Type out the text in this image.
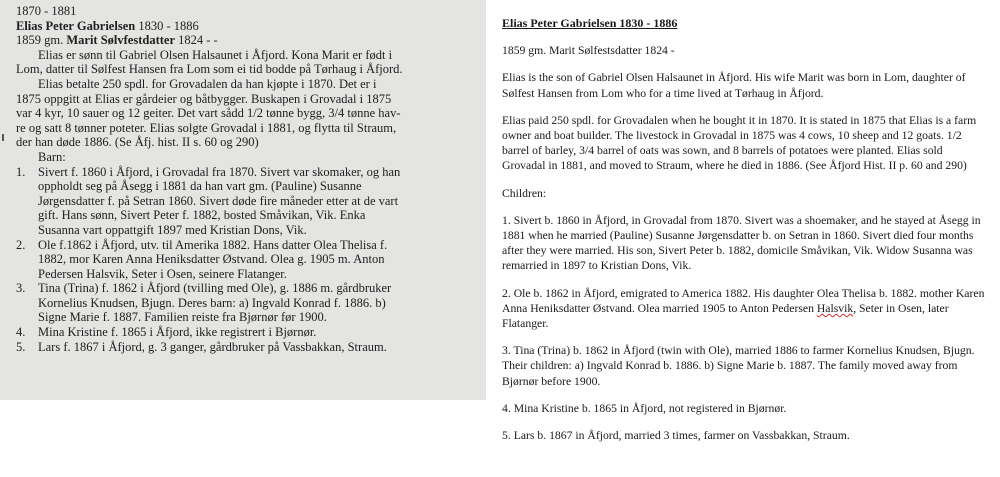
1870 - 1881
Elias Peter Gabrielsen 1830 - 1886
1859 gm. Marit Sølvfestdatter 1824 - -
Elias er sønn til Gabriel Olsen Halsaunet i Åfjord. Kona Marit er født i
Lom, datter til Sølfest Hansen fra Lom som ei tid bodde på Tørhaug i Åfjord.
Elias betalte 250 spdl. for Grovadalen da han kjøpte i 1870. Det er i
1875 oppgitt at Elias er gårdeier og båtbygger. Buskapen i Grovadal i 1875
var 4 kyr, 10 sauer og 12 geiter. Det vart sådd 1/2 tønne bygg, 3/4 tønne hav-
re og satt 8 tønner poteter. Elias solgte Grovadal i 1881, og flytta til Straum,
der han døde 1886. (Se Åfj. hist. II s. 60 og 290)
Barn:
1.	Sivert f. 1860 i Åfjord, i Grovadal fra 1870. Sivert var skomaker, og han
oppholdt seg på Åsegg i 1881 da han vart gm. (Pauline) Susanne
Jørgensdatter f. på Setran 1860. Sivert døde fire måneder etter at de vart
gift. Hans sønn, Sivert Peter f. 1882, bosted Småvikan, Vik. Enka
Susanna vart oppattgift 1897 med Kristian Dons, Vik.
2.	Ole f.1862 i Åfjord, utv. til Amerika 1882. Hans datter Olea Thelisa f.
1882, mor Karen Anna Heniksdatter Østvand. Olea g. 1905 m. Anton
Pedersen Halsvik, Seter i Osen, seinere Flatanger.
3.	Tina (Trina) f. 1862 i Åfjord (tvilling med Ole), g. 1886 m. gårdbruker
Kornelius Knudsen, Bjugn. Deres barn: a) Ingvald Konrad f. 1886. b)
Signe Marie f. 1887. Familien reiste fra Bjørnør før 1900.
4.	Mina Kristine f. 1865 i Åfjord, ikke registrert i Bjørnør.
5.	Lars f. 1867 i Åfjord, g. 3 ganger, gårdbruker på Vassbakkan, Straum.
Elias Peter Gabrielsen 1830 - 1886

1859 gm. Marit Sølfestsdatter 1824 -

Elias is the son of Gabriel Olsen Halsaunet in Åfjord. His wife Marit was born in Lom, daughter of Sølfest Hansen from Lom who for a time lived at Tørhaug in Åfjord.

Elias paid 250 spdl. for Grovadalen when he bought it in 1870. It is stated in 1875 that Elias is a farm owner and boat builder. The livestock in Grovadal in 1875 was 4 cows, 10 sheep and 12 goats. 1/2 barrel of barley, 3/4 barrel of oats was sown, and 8 barrels of potatoes were planted. Elias sold Grovadal in 1881, and moved to Straum, where he died in 1886. (See Åfjord Hist. II p. 60 and 290)

Children:

1. Sivert b. 1860 in Åfjord, in Grovadal from 1870. Sivert was a shoemaker, and he stayed at Åsegg in 1881 when he married (Pauline) Susanne Jørgensdatter b. on Setran in 1860. Sivert died four months after they were married. His son, Sivert Peter b. 1882, domicile Småvikan, Vik. Widow Susanna was remarried in 1897 to Kristian Dons, Vik.

2. Ole b. 1862 in Åfjord, emigrated to America 1882. His daughter Olea Thelisa b. 1882. mother Karen Anna Heniksdatter Østvand. Olea married 1905 to Anton Pedersen Halsvik, Seter in Osen, later Flatanger.

3. Tina (Trina) b. 1862 in Åfjord (twin with Ole), married 1886 to farmer Kornelius Knudsen, Bjugn. Their children: a) Ingvald Konrad b. 1886. b) Signe Marie b. 1887. The family moved away from Bjørnør before 1900.

4. Mina Kristine b. 1865 in Åfjord, not registered in Bjørnør.

5. Lars b. 1867 in Åfjord, married 3 times, farmer on Vassbakkan, Straum.
